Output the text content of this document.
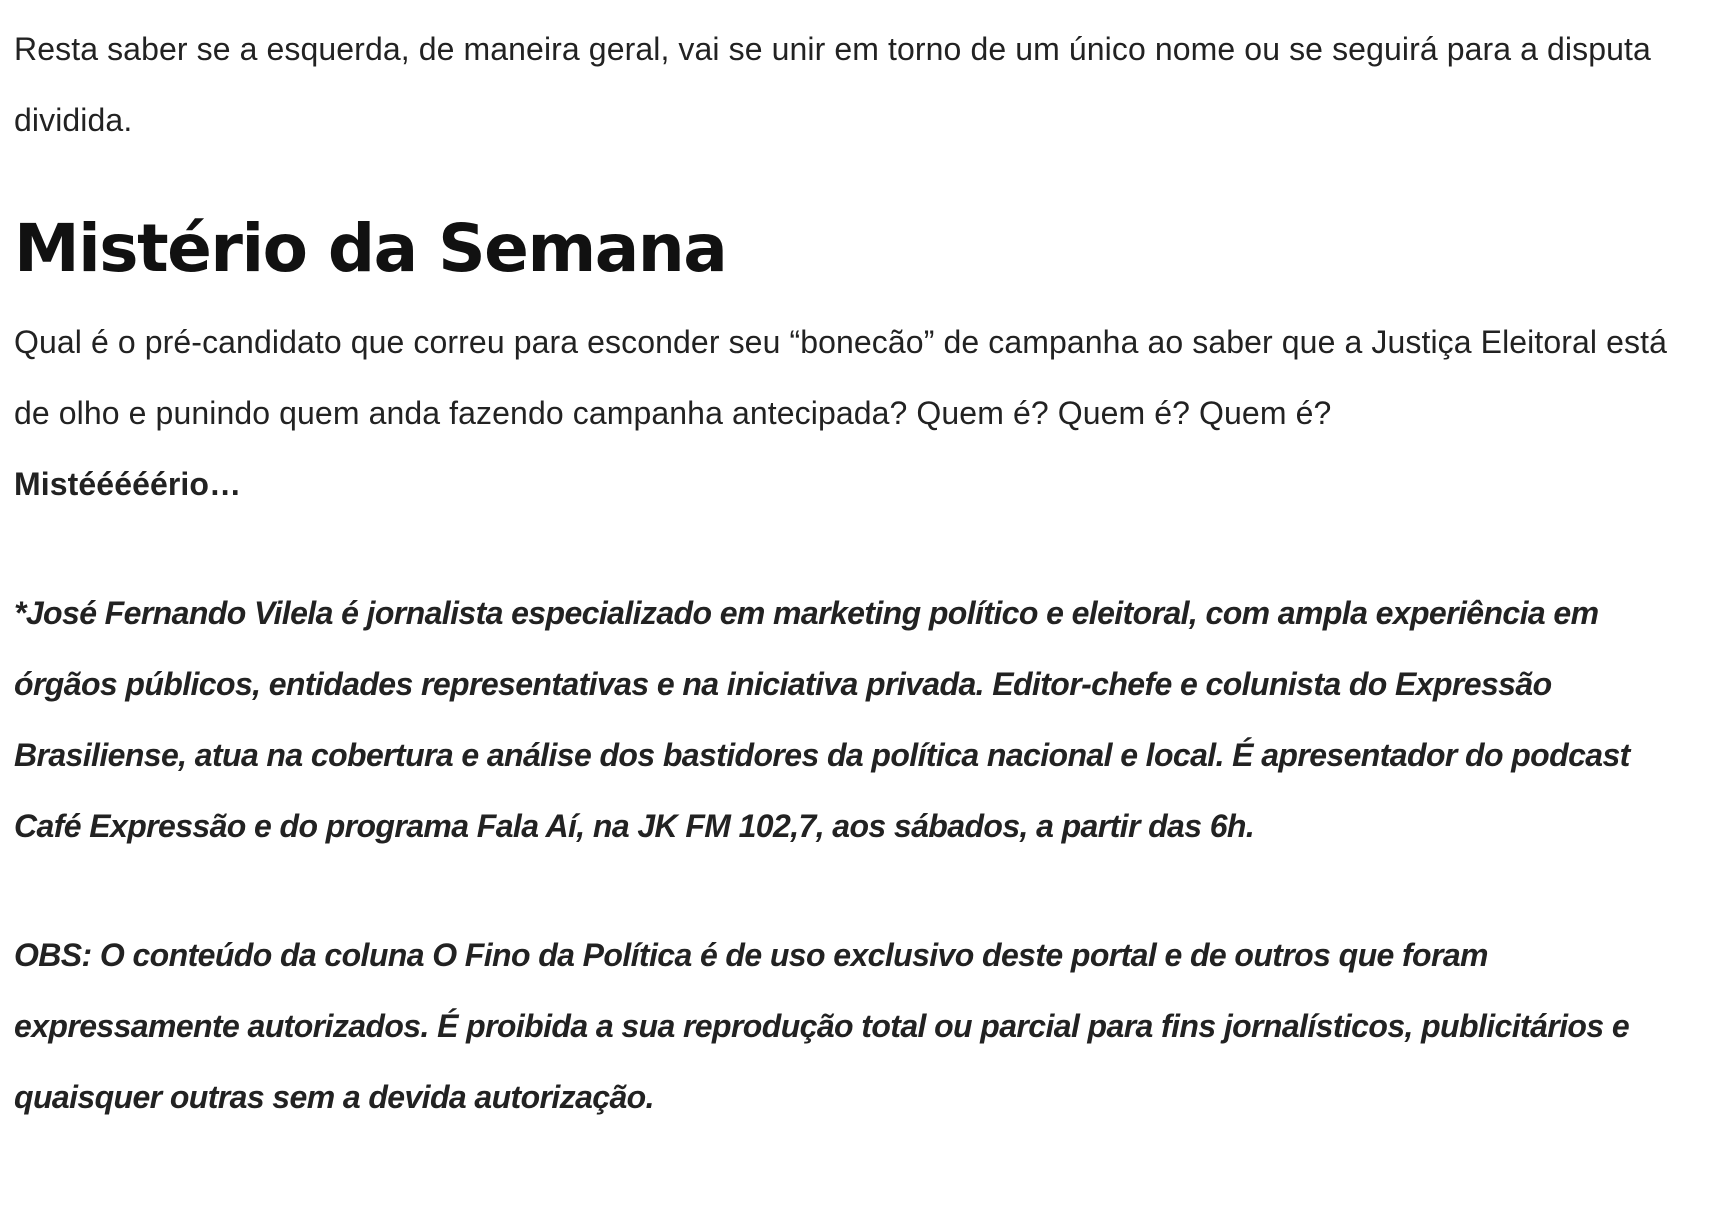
Resta saber se a esquerda, de maneira geral, vai se unir em torno de um único nome ou se seguirá para a disputa dividida.

Mistério da Semana

Qual é o pré-candidato que correu para esconder seu “bonecão” de campanha ao saber que a Justiça Eleitoral está de olho e punindo quem anda fazendo campanha antecipada? Quem é? Quem é? Quem é?
Mistééééério…

*José Fernando Vilela é jornalista especializado em marketing político e eleitoral, com ampla experiência em órgãos públicos, entidades representativas e na iniciativa privada. Editor-chefe e colunista do Expressão Brasiliense, atua na cobertura e análise dos bastidores da política nacional e local. É apresentador do podcast Café Expressão e do programa Fala Aí, na JK FM 102,7, aos sábados, a partir das 6h.

OBS: O conteúdo da coluna O Fino da Política é de uso exclusivo deste portal e de outros que foram expressamente autorizados. É proibida a sua reprodução total ou parcial para fins jornalísticos, publicitários e quaisquer outras sem a devida autorização.
